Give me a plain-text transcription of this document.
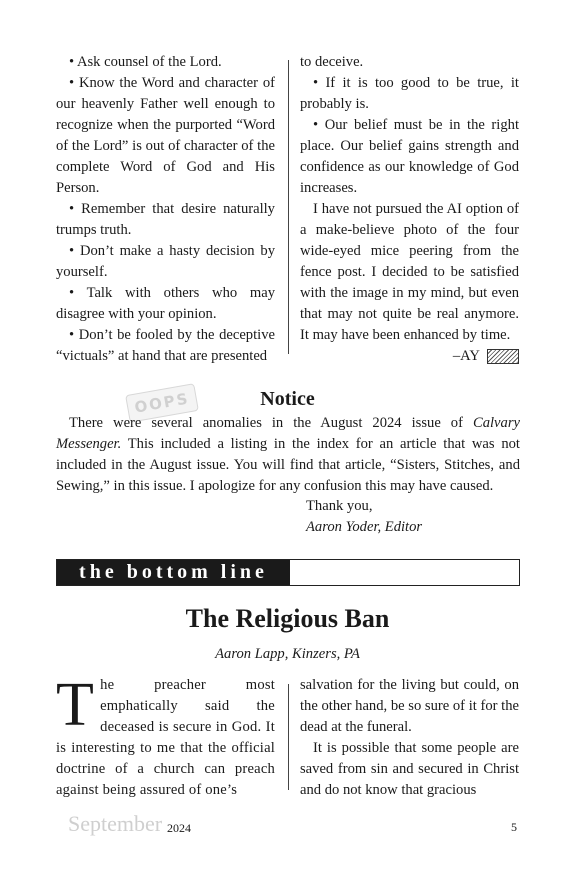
• Ask counsel of the Lord.

• Know the Word and character of our heavenly Father well enough to recognize when the purported “Word of the Lord” is out of character of the complete Word of God and His Person.

• Remember that desire naturally trumps truth.

• Don’t make a hasty decision by yourself.

• Talk with others who may disagree with your opinion.

• Don’t be fooled by the deceptive “victuals” at hand that are presented

to deceive.

• If it is too good to be true, it probably is.

• Our belief must be in the right place. Our belief gains strength and confidence as our knowledge of God increases.

I have not pursued the AI option of a make-believe photo of the four wide-eyed mice peering from the fence post. I decided to be satisfied with the image in my mind, but even that may not quite be real anymore. It may have been enhanced by time.

–AY

OOPS	Notice

There were several anomalies in the August 2024 issue of Calvary Messenger. This included a listing in the index for an article that was not included in the August issue. You will find that article, “Sisters, Stitches, and Sewing,” in this issue. I apologize for any confusion this may have caused.

Thank you,
Aaron Yoder, Editor
the bottom line
The Religious Ban
Aaron Lapp, Kinzers, PA
The preacher most emphatically said the deceased is secure in God. It is interesting to me that the official doctrine of a church can preach against being assured of one’s

salvation for the living but could, on the other hand, be so sure of it for the dead at the funeral.

It is possible that some people are saved from sin and secured in Christ and do not know that gracious

September 2024	5
